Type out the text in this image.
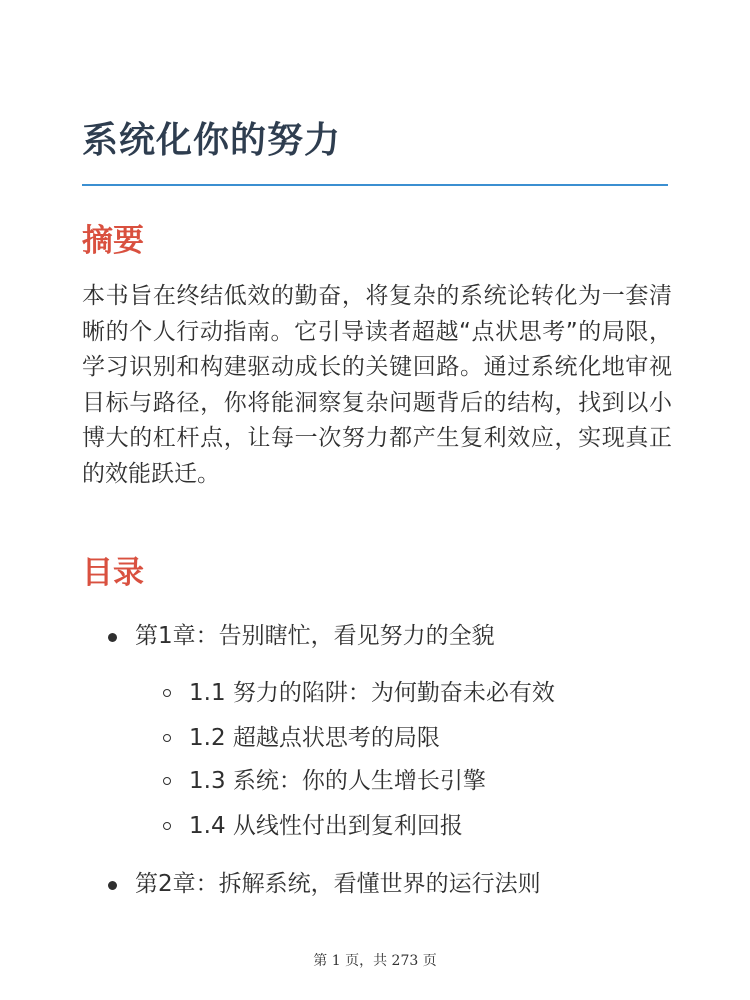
系统化你的努力
摘要

本书旨在终结低效的勤奋，将复杂的系统论转化为一套清晰的个人行动指南。它引导读者超越“点状思考”的局限，学习识别和构建驱动成长的关键回路。通过系统化地审视目标与路径，你将能洞察复杂问题背后的结构，找到以小博大的杠杆点，让每一次努力都产生复利效应，实现真正的效能跃迁。

目录
第1章：告别瞎忙，看见努力的全貌
1.1 努力的陷阱：为何勤奋未必有效
1.2 超越点状思考的局限
1.3 系统：你的人生增长引擎
1.4 从线性付出到复利回报
第2章：拆解系统，看懂世界的运行法则
第 1 页，共 273 页
